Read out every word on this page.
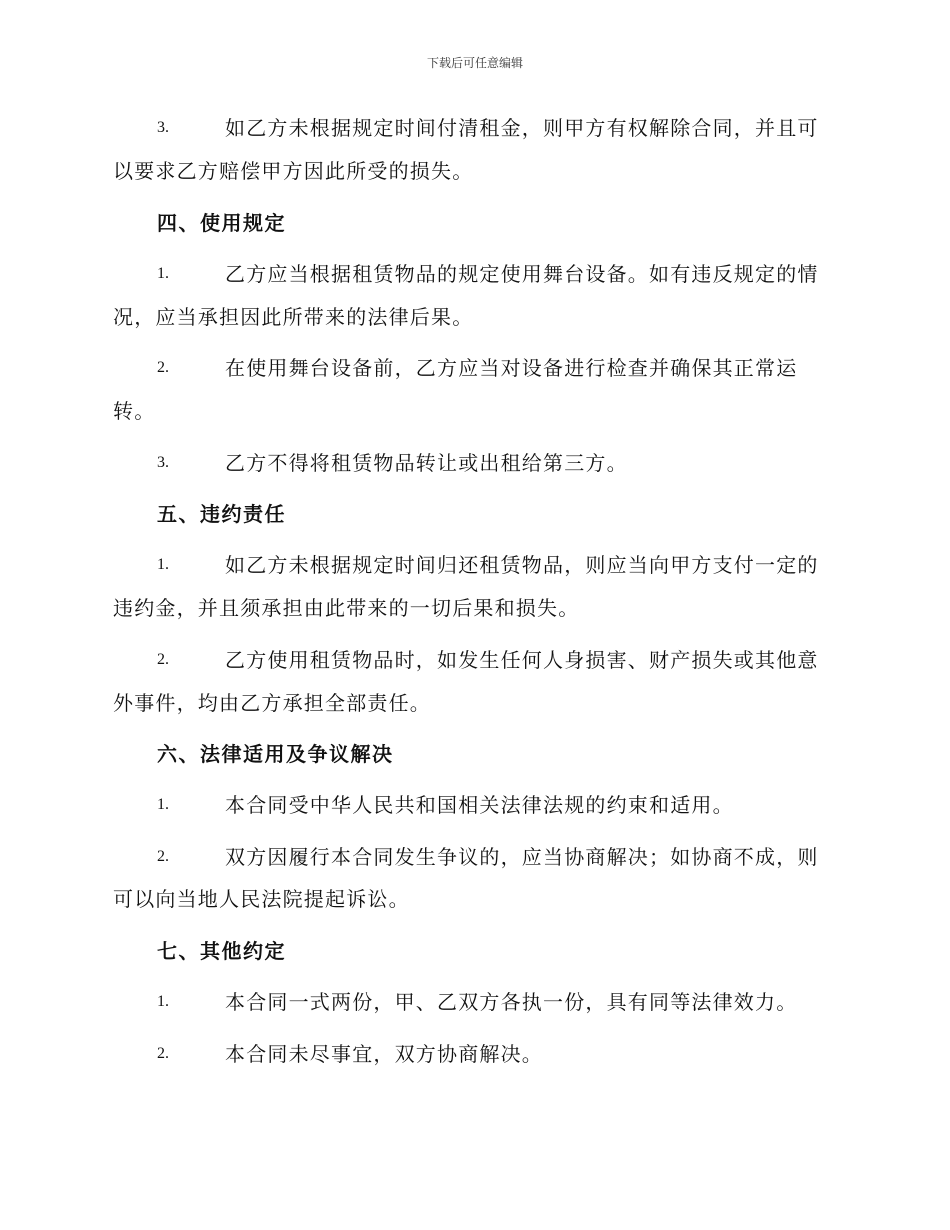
下载后可任意编辑
3.	如乙方未根据规定时间付清租金，则甲方有权解除合同，并且可
以要求乙方赔偿甲方因此所受的损失。
四、使用规定
1.	乙方应当根据租赁物品的规定使用舞台设备。如有违反规定的情
况，应当承担因此所带来的法律后果。
2.	在使用舞台设备前，乙方应当对设备进行检查并确保其正常运
转。
3.	乙方不得将租赁物品转让或出租给第三方。
五、违约责任
1.	如乙方未根据规定时间归还租赁物品，则应当向甲方支付一定的
违约金，并且须承担由此带来的一切后果和损失。
2.	乙方使用租赁物品时，如发生任何人身损害、财产损失或其他意
外事件，均由乙方承担全部责任。
六、法律适用及争议解决
1.	本合同受中华人民共和国相关法律法规的约束和适用。
2.	双方因履行本合同发生争议的，应当协商解决；如协商不成，则
可以向当地人民法院提起诉讼。
七、其他约定
1.	本合同一式两份，甲、乙双方各执一份，具有同等法律效力。
2.	本合同未尽事宜，双方协商解决。
